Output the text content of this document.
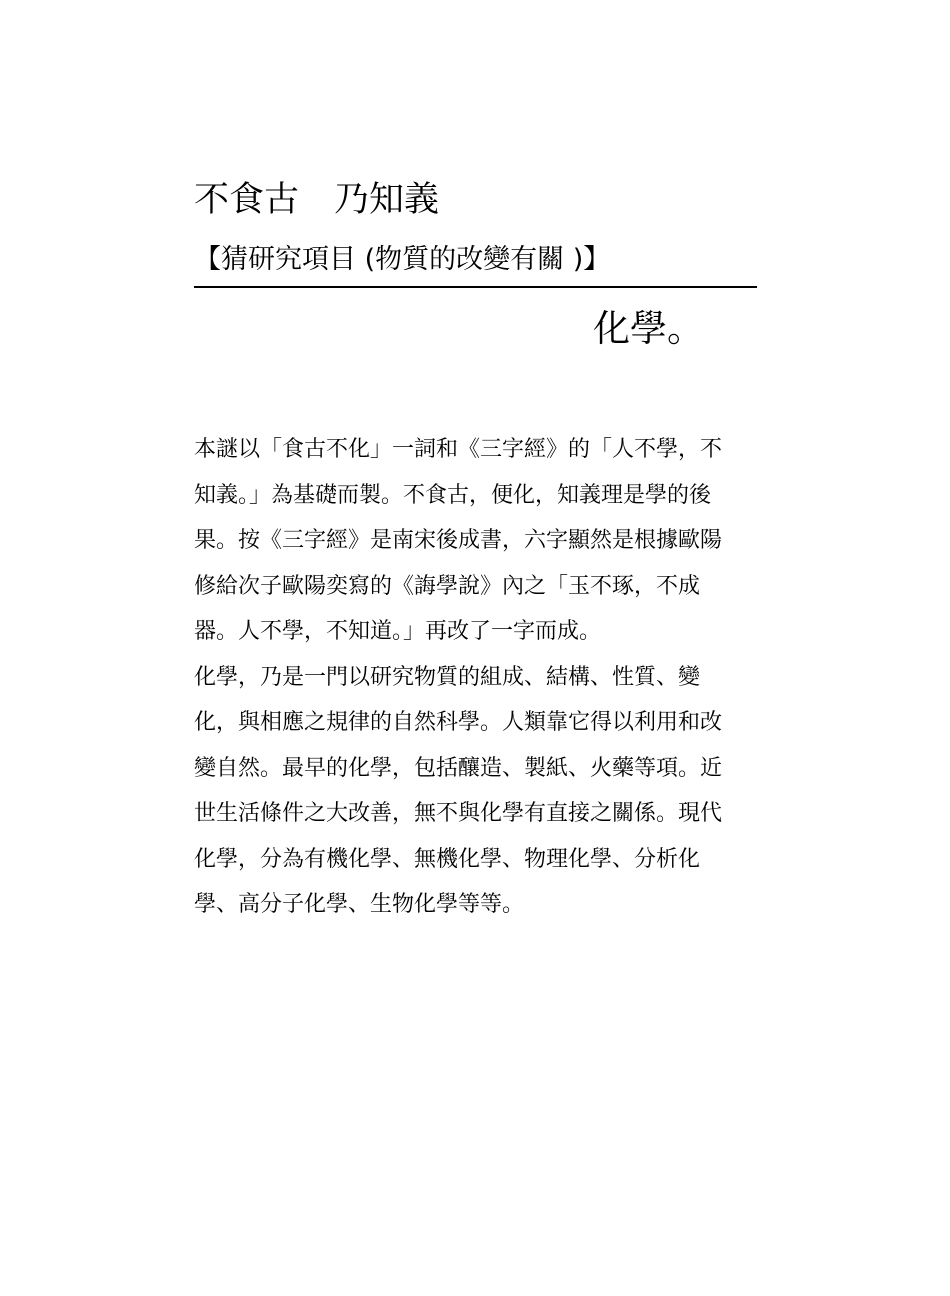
不食古　乃知義
【猜研究項目 (物質的改變有關 )】
化學。

本謎以「食古不化」一詞和《三字經》的「人不學，不知義。」為基礎而製。不食古，便化，知義理是學的後果。按《三字經》是南宋後成書，六字顯然是根據歐陽修給次子歐陽奕寫的《誨學說》內之「玉不琢，不成器。人不學，不知道。」再改了一字而成。

化學，乃是一門以研究物質的組成、結構、性質、變化，與相應之規律的自然科學。人類靠它得以利用和改變自然。最早的化學，包括釀造、製紙、火藥等項。近世生活條件之大改善，無不與化學有直接之關係。現代化學，分為有機化學、無機化學、物理化學、分析化學、高分子化學、生物化學等等。
